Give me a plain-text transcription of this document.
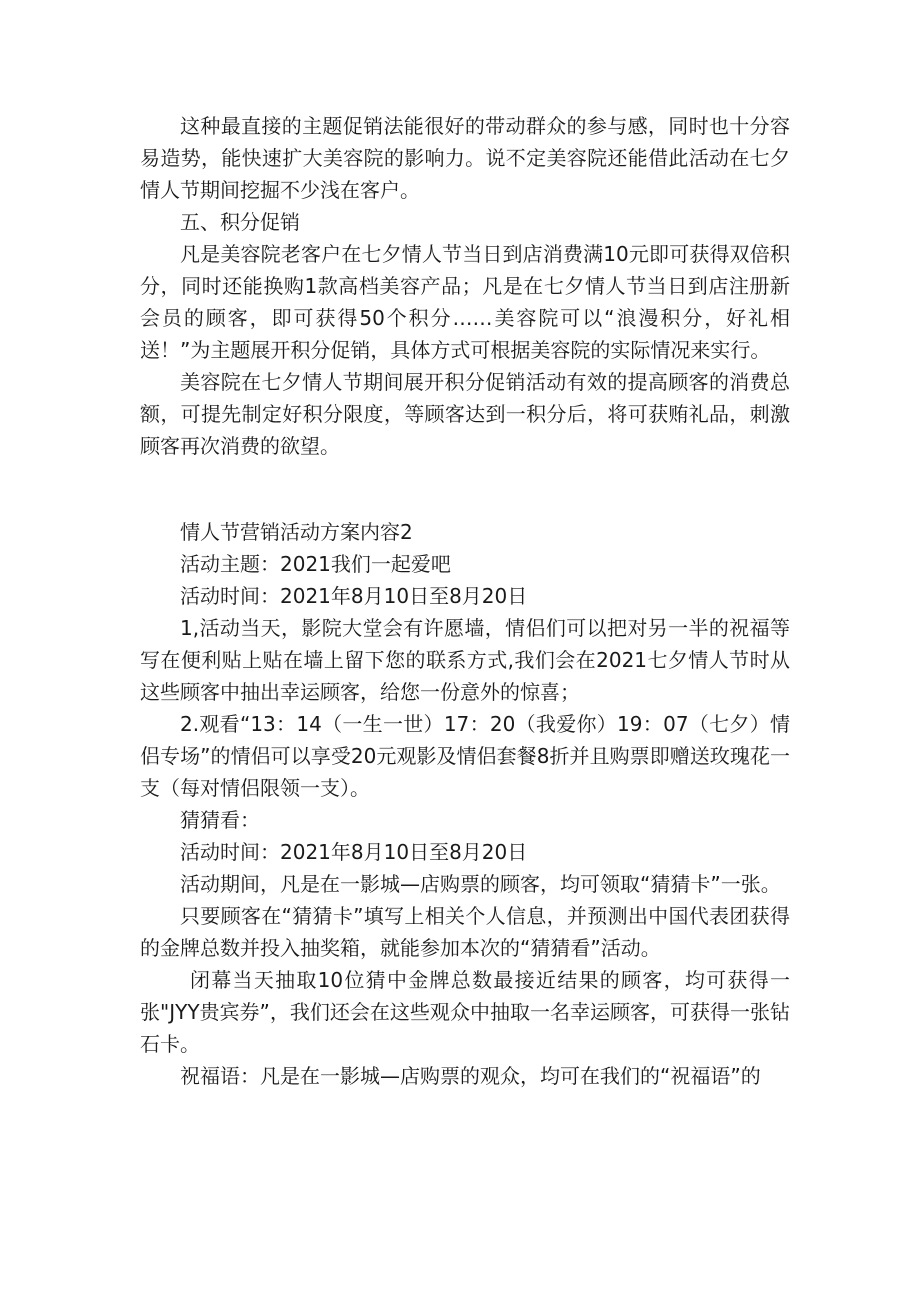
这种最直接的主题促销法能很好的带动群众的参与感，同时也十分容易造势，能快速扩大美容院的影响力。说不定美容院还能借此活动在七夕情人节期间挖掘不少浅在客户。

五、积分促销

凡是美容院老客户在七夕情人节当日到店消费满10元即可获得双倍积分，同时还能换购1款高档美容产品；凡是在七夕情人节当日到店注册新会员的顾客，即可获得50个积分……美容院可以“浪漫积分，好礼相送！”为主题展开积分促销，具体方式可根据美容院的实际情况来实行。

美容院在七夕情人节期间展开积分促销活动有效的提高顾客的消费总额，可提先制定好积分限度，等顾客达到一积分后，将可获贿礼品，刺激顾客再次消费的欲望。

情人节营销活动方案内容2

活动主题：2021我们一起爱吧

活动时间：2021年8月10日至8月20日

1,活动当天，影院大堂会有许愿墙，情侣们可以把对另一半的祝福等写在便利贴上贴在墙上留下您的联系方式,我们会在2021七夕情人节时从这些顾客中抽出幸运顾客，给您一份意外的惊喜；

2.观看“13：14（一生一世）17：20（我爱你）19：07（七夕）情侣专场”的情侣可以享受20元观影及情侣套餐8折并且购票即赠送玫瑰花一支（每对情侣限领一支）。

猜猜看：

活动时间：2021年8月10日至8月20日

活动期间，凡是在一影城—店购票的顾客，均可领取“猜猜卡”一张。

只要顾客在“猜猜卡”填写上相关个人信息，并预测出中国代表团获得的金牌总数并投入抽奖箱，就能参加本次的“猜猜看”活动。

闭幕当天抽取10位猜中金牌总数最接近结果的顾客，均可获得一张"JYY贵宾券”，我们还会在这些观众中抽取一名幸运顾客，可获得一张钻石卡。

祝福语：凡是在一影城—店购票的观众，均可在我们的“祝福语”的
